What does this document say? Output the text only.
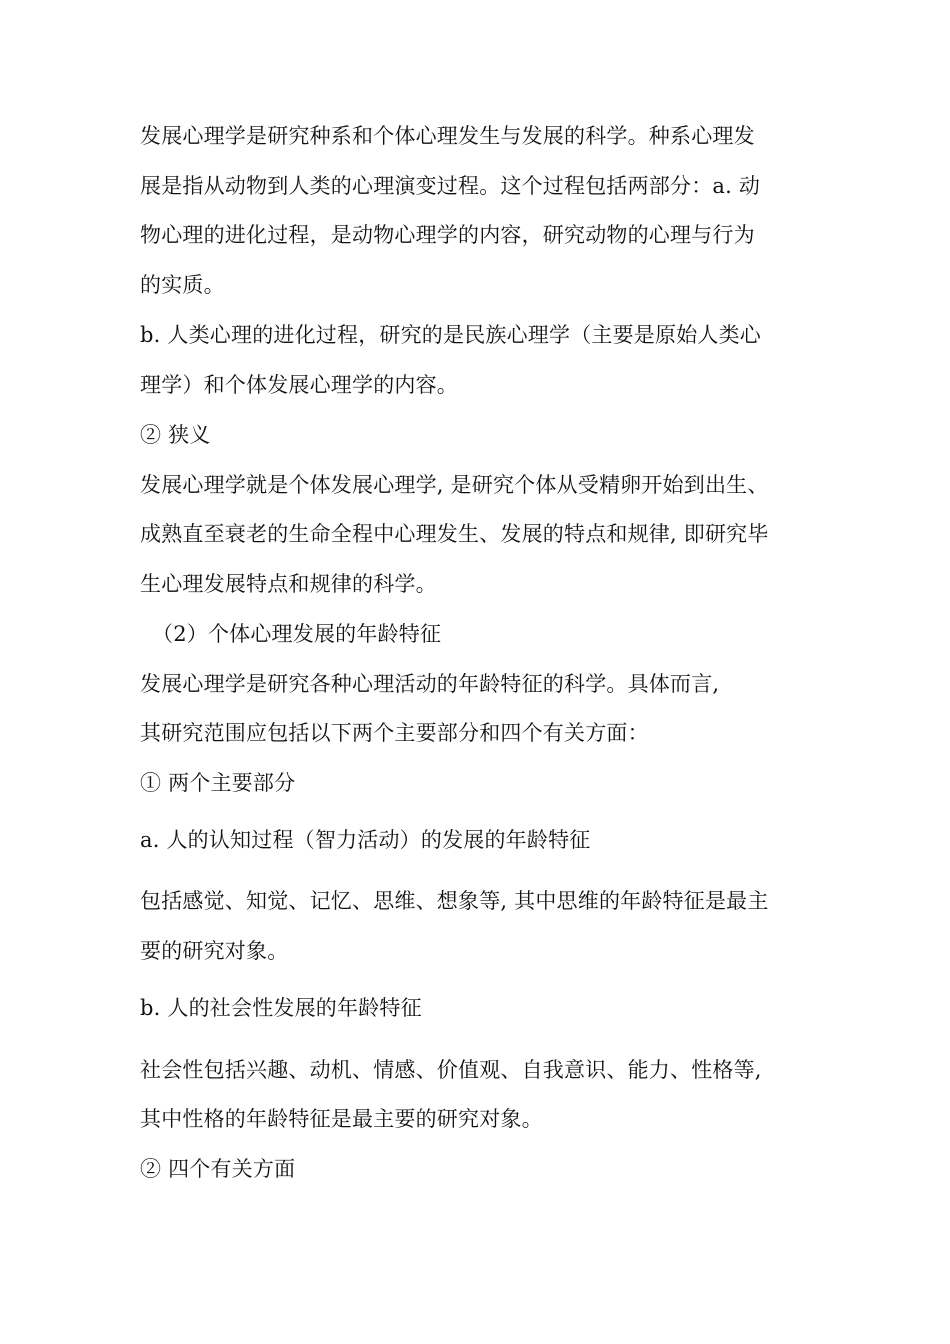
发展心理学是研究种系和个体心理发生与发展的科学。种系心理发
展是指从动物到人类的心理演变过程。这个过程包括两部分：a. 动
物心理的进化过程，是动物心理学的内容，研究动物的心理与行为
的实质。
b. 人类心理的进化过程，研究的是民族心理学（主要是原始人类心
理学）和个体发展心理学的内容。
② 狭义
发展心理学就是个体发展心理学, 是研究个体从受精卵开始到出生、
成熟直至衰老的生命全程中心理发生、发展的特点和规律, 即研究毕
生心理发展特点和规律的科学。
（2）个体心理发展的年龄特征
发展心理学是研究各种心理活动的年龄特征的科学。具体而言,
其研究范围应包括以下两个主要部分和四个有关方面：
① 两个主要部分
a. 人的认知过程（智力活动）的发展的年龄特征
包括感觉、知觉、记忆、思维、想象等, 其中思维的年龄特征是最主
要的研究对象。
b. 人的社会性发展的年龄特征
社会性包括兴趣、动机、情感、价值观、自我意识、能力、性格等,
其中性格的年龄特征是最主要的研究对象。
② 四个有关方面
